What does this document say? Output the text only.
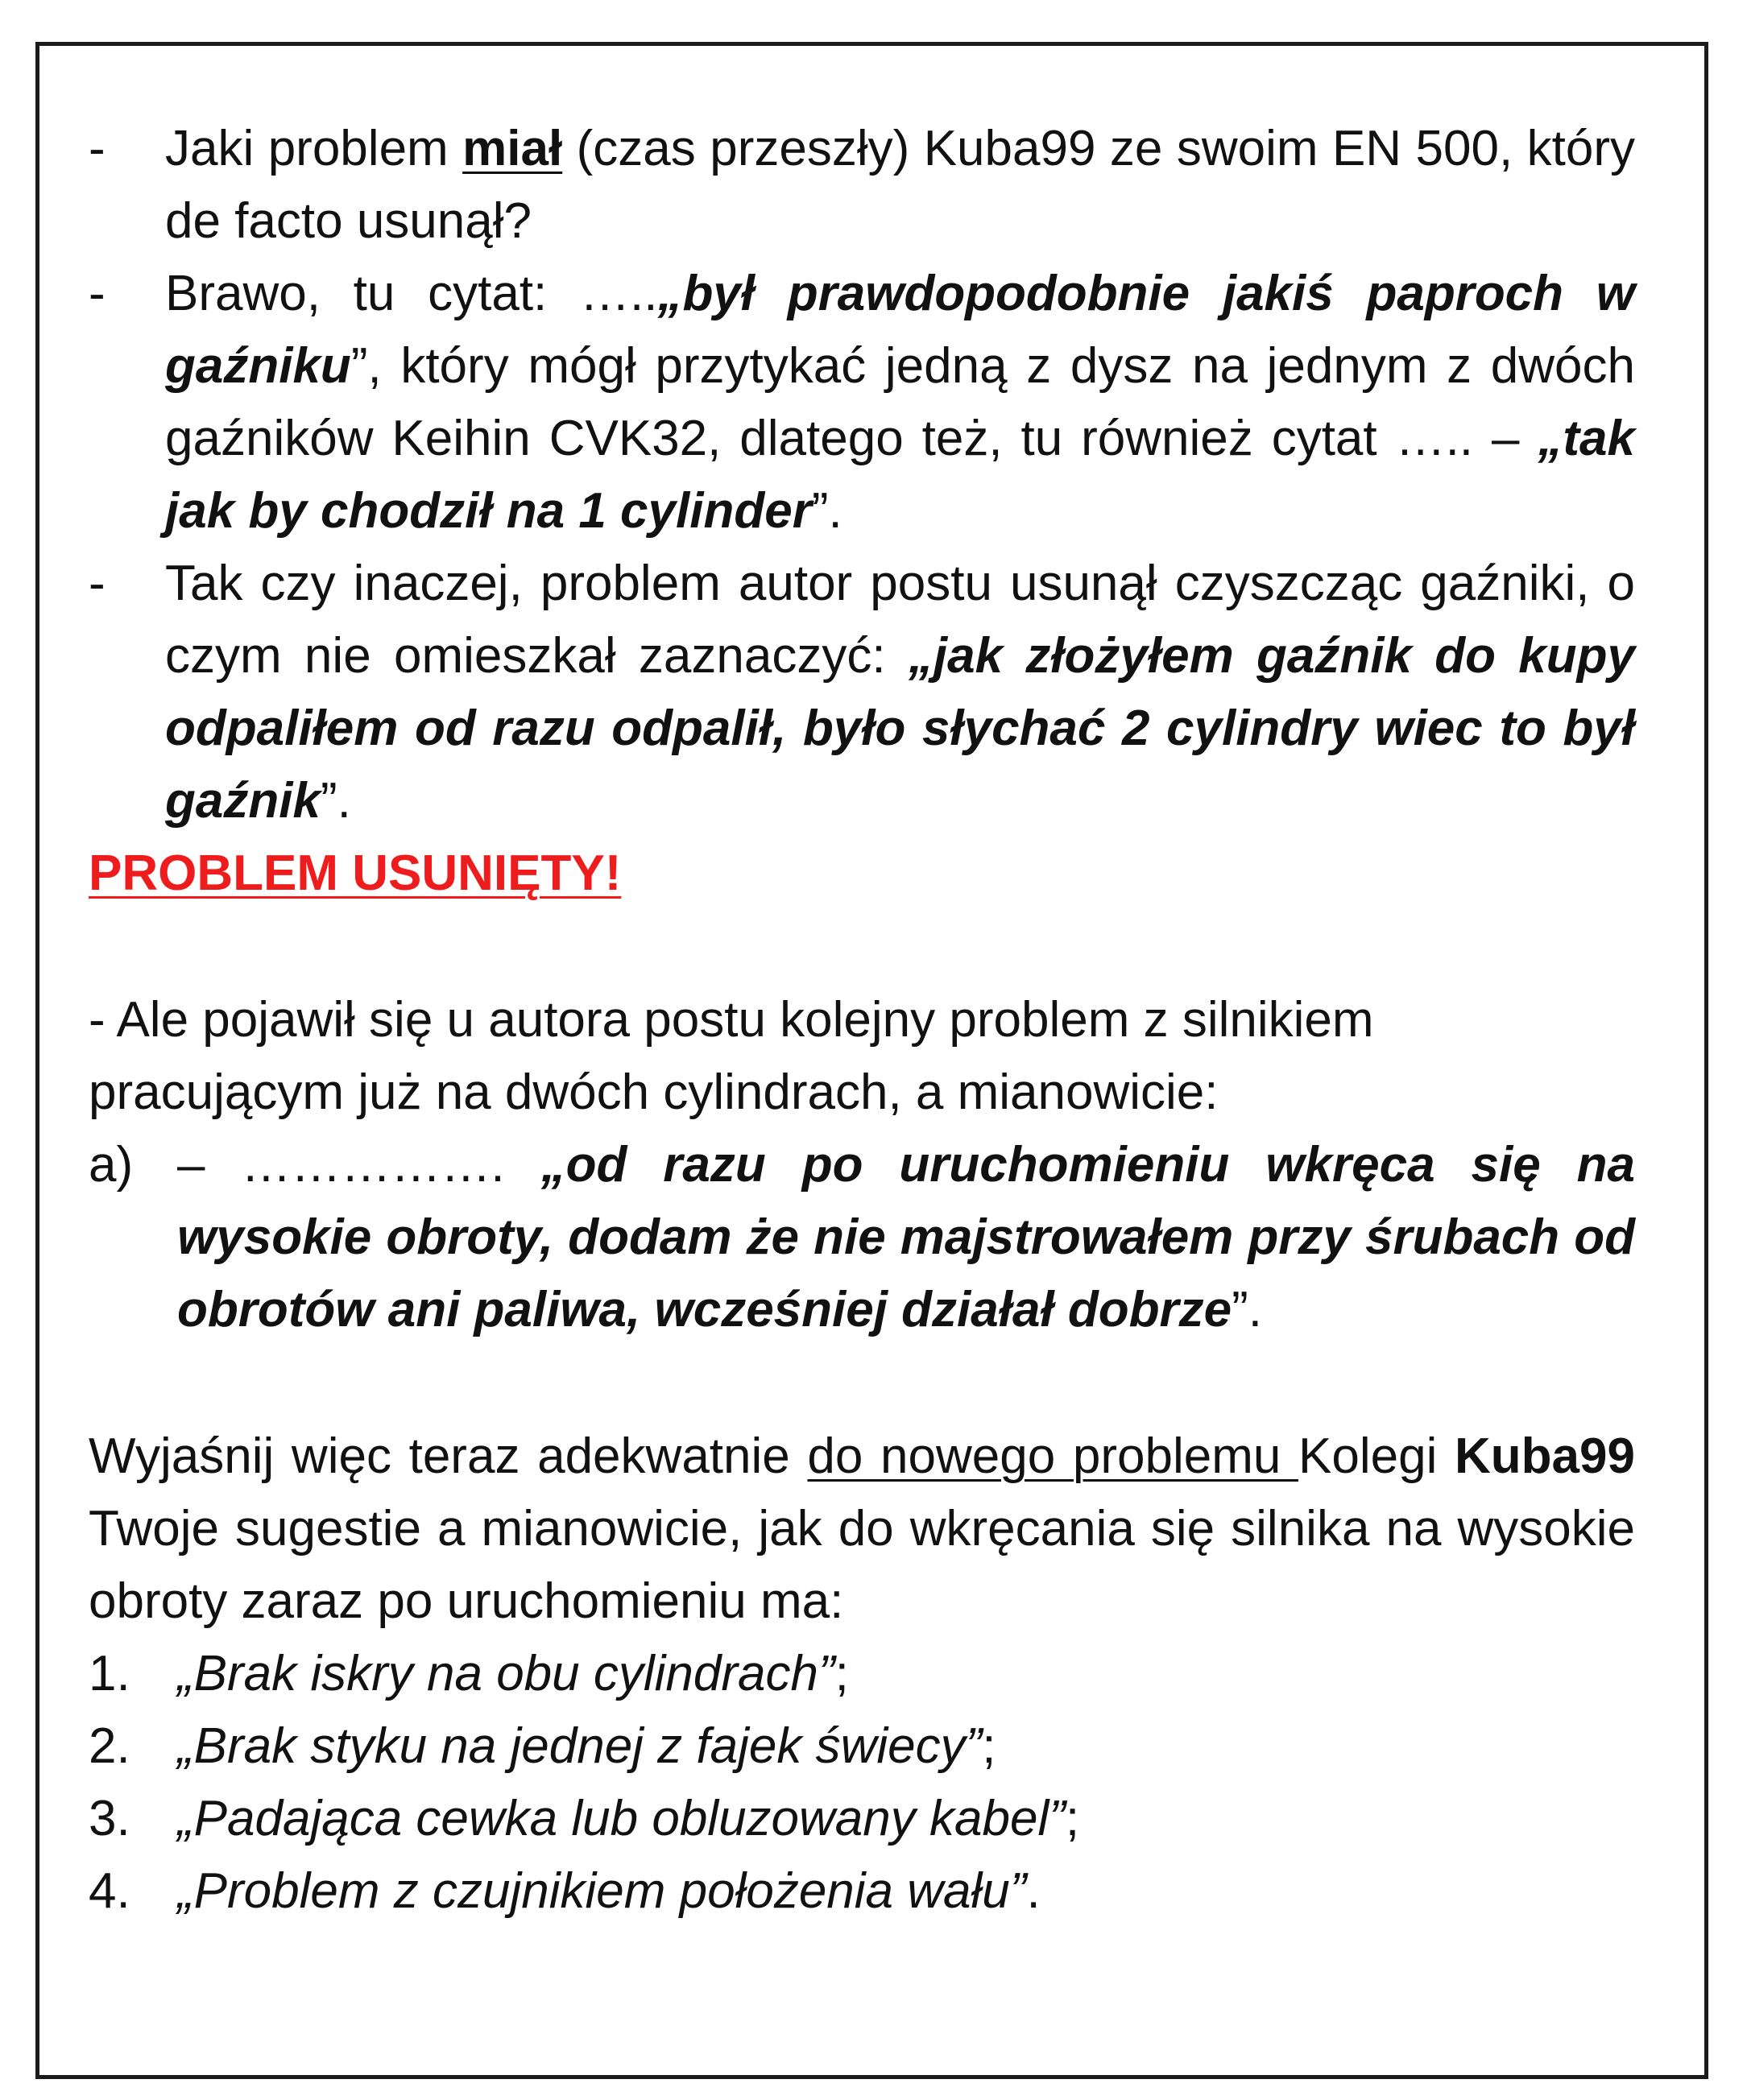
-	Jaki problem miał (czas przeszły) Kuba99 ze swoim EN 500, który de facto usunął?
-	Brawo, tu cytat: …..„był prawdopodobnie jakiś paproch w gaźniku”, który mógł przytykać jedną z dysz na jednym z dwóch gaźników Keihin CVK32, dlatego też, tu również cytat ….. – „tak jak by chodził na 1 cylinder”.
-	Tak czy inaczej, problem autor postu usunął czyszcząc gaźniki, o czym nie omieszkał zaznaczyć: „jak złożyłem gaźnik do kupy odpaliłem od razu odpalił, było słychać 2 cylindry wiec to był gaźnik”.
PROBLEM USUNIĘTY!
- Ale pojawił się u autora postu kolejny problem z silnikiem pracującym już na dwóch cylindrach, a mianowicie:
a) – ……………. „od razu po uruchomieniu wkręca się na wysokie obroty, dodam że nie majstrowałem przy śrubach od obrotów ani paliwa, wcześniej działał dobrze”.
Wyjaśnij więc teraz adekwatnie do nowego problemu Kolegi Kuba99 Twoje sugestie a mianowicie, jak do wkręcania się silnika na wysokie obroty zaraz po uruchomieniu ma:
1. „Brak iskry na obu cylindrach”;
2. „Brak styku na jednej z fajek świecy”;
3. „Padająca cewka lub obluzowany kabel”;
4. „Problem z czujnikiem położenia wału”.
